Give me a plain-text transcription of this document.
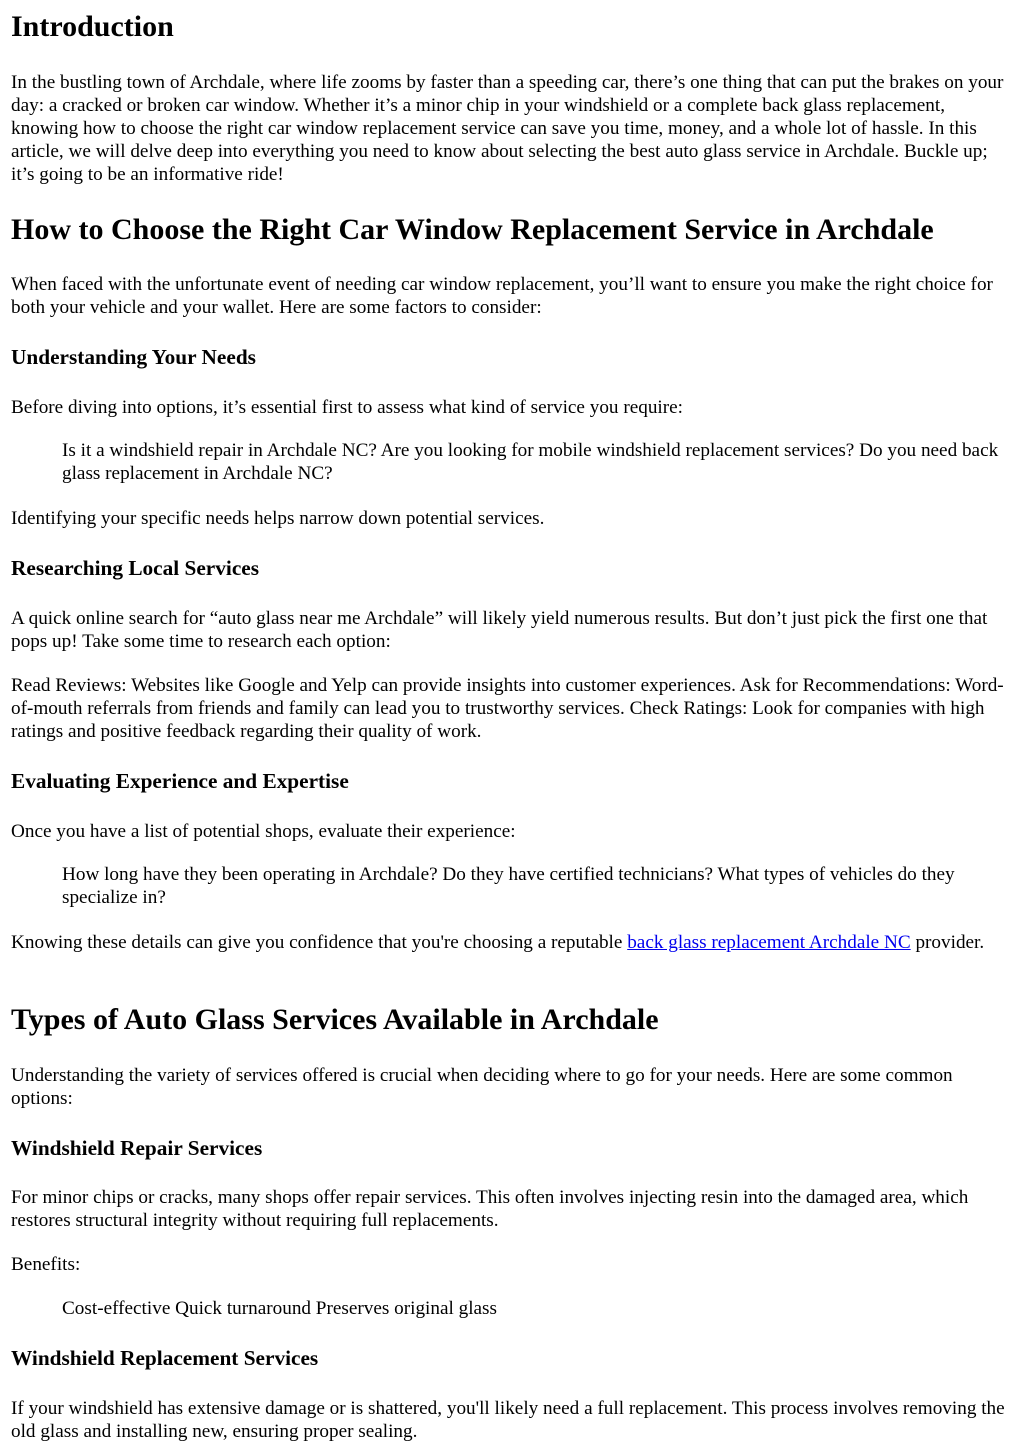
Introduction

In the bustling town of Archdale, where life zooms by faster than a speeding car, there’s one thing that can put the brakes on your day: a cracked or broken car window. Whether it’s a minor chip in your windshield or a complete back glass replacement, knowing how to choose the right car window replacement service can save you time, money, and a whole lot of hassle. In this article, we will delve deep into everything you need to know about selecting the best auto glass service in Archdale. Buckle up; it’s going to be an informative ride!

How to Choose the Right Car Window Replacement Service in Archdale

When faced with the unfortunate event of needing car window replacement, you’ll want to ensure you make the right choice for both your vehicle and your wallet. Here are some factors to consider:

Understanding Your Needs

Before diving into options, it’s essential first to assess what kind of service you require:

Is it a windshield repair in Archdale NC? Are you looking for mobile windshield replacement services? Do you need back glass replacement in Archdale NC?

Identifying your specific needs helps narrow down potential services.

Researching Local Services

A quick online search for “auto glass near me Archdale” will likely yield numerous results. But don’t just pick the first one that pops up! Take some time to research each option:

Read Reviews: Websites like Google and Yelp can provide insights into customer experiences. Ask for Recommendations: Word-of-mouth referrals from friends and family can lead you to trustworthy services. Check Ratings: Look for companies with high ratings and positive feedback regarding their quality of work.

Evaluating Experience and Expertise

Once you have a list of potential shops, evaluate their experience:

How long have they been operating in Archdale? Do they have certified technicians? What types of vehicles do they specialize in?

Knowing these details can give you confidence that you're choosing a reputable back glass replacement Archdale NC provider.

Types of Auto Glass Services Available in Archdale

Understanding the variety of services offered is crucial when deciding where to go for your needs. Here are some common options:

Windshield Repair Services

For minor chips or cracks, many shops offer repair services. This often involves injecting resin into the damaged area, which restores structural integrity without requiring full replacements.

Benefits:

Cost-effective Quick turnaround Preserves original glass
Windshield Replacement Services

If your windshield has extensive damage or is shattered, you'll likely need a full replacement. This process involves removing the old glass and installing new, ensuring proper sealing.
